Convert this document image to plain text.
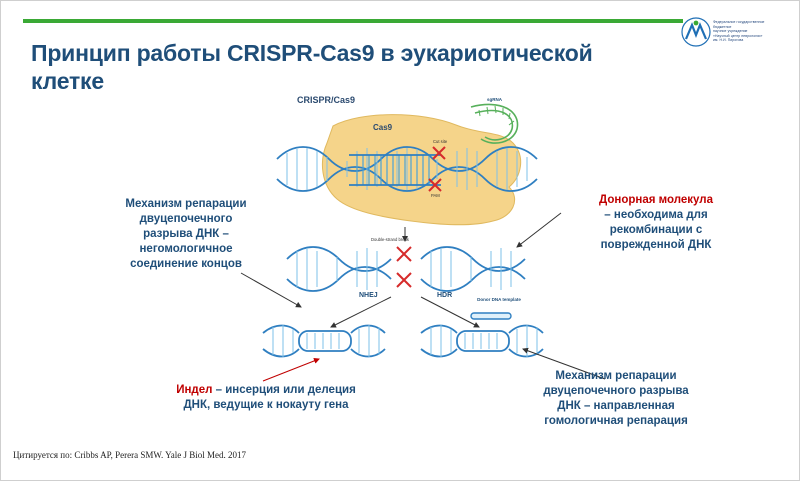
Федеральное государственное бюджетное
научное учреждение
«Научный центр неврологии»
им. Н.И. Пирогова
Принцип работы CRISPR-Cas9 в эукариотической клетке
CRISPR/Cas9
Cas9
sgRNA
Cut site
PAM
Double-strand break
NHEJ	HDR
Donor DNA template
Механизм репарации
двуцепочечного
разрыва ДНК –
негомологичное
соединение концов
Донорная молекула
– необходима для
рекомбинации с
поврежденной ДНК
Индел – инсерция или делеция
ДНК, ведущие к нокауту гена
Механизм репарации
двуцепочечного разрыва
ДНК – направленная
гомологичная репарация
Цитируется по: Cribbs AP, Perera SMW. Yale J Biol Med. 2017
